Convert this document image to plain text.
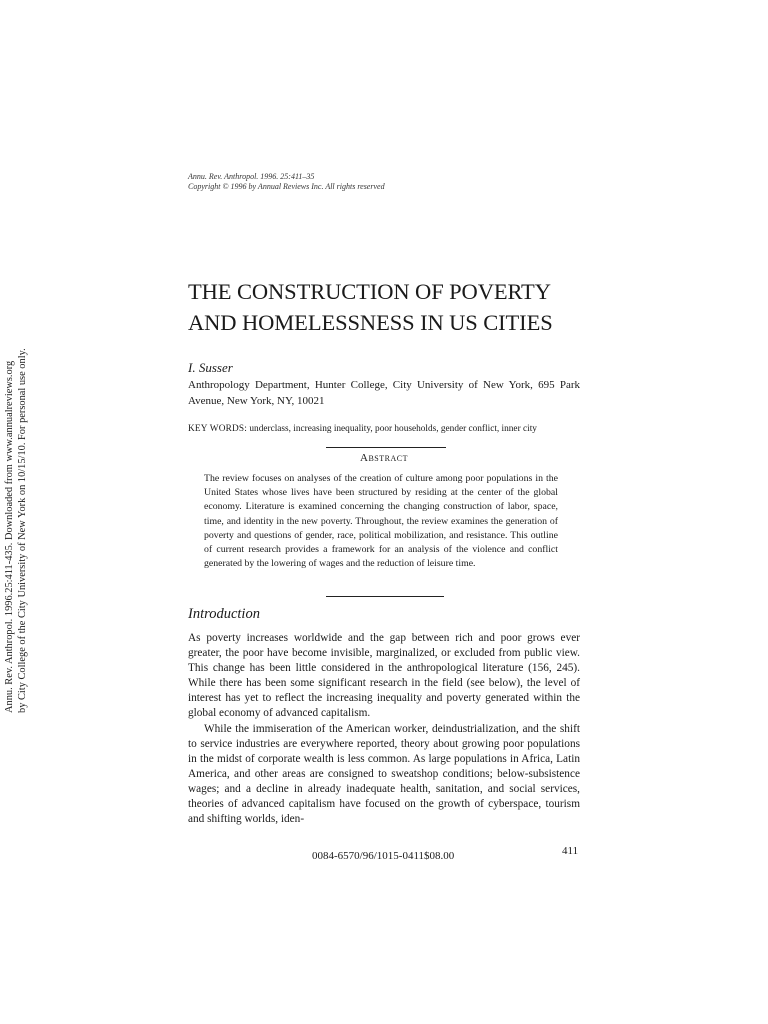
Annu. Rev. Anthropol. 1996.25:411-435. Downloaded from www.annualreviews.org by City College of the City University of New York on 10/15/10. For personal use only.
Annu. Rev. Anthropol. 1996. 25:411–35
Copyright © 1996 by Annual Reviews Inc. All rights reserved
THE CONSTRUCTION OF POVERTY
AND HOMELESSNESS IN US CITIES
I. Susser
Anthropology Department, Hunter College, City University of New York, 695 Park Avenue, New York, NY, 10021
KEY WORDS: underclass, increasing inequality, poor households, gender conflict, inner city
Abstract

The review focuses on analyses of the creation of culture among poor populations in the United States whose lives have been structured by residing at the center of the global economy. Literature is examined concerning the changing construction of labor, space, time, and identity in the new poverty. Throughout, the review examines the generation of poverty and questions of gender, race, political mobilization, and resistance. This outline of current research provides a framework for an analysis of the violence and conflict generated by the lowering of wages and the reduction of leisure time.

Introduction

As poverty increases worldwide and the gap between rich and poor grows ever greater, the poor have become invisible, marginalized, or excluded from public view. This change has been little considered in the anthropological literature (156, 245). While there has been some significant research in the field (see below), the level of interest has yet to reflect the increasing inequality and poverty generated within the global economy of advanced capitalism.

While the immiseration of the American worker, deindustrialization, and the shift to service industries are everywhere reported, theory about growing poor populations in the midst of corporate wealth is less common. As large populations in Africa, Latin America, and other areas are consigned to sweatshop conditions; below-subsistence wages; and a decline in already inadequate health, sanitation, and social services, theories of advanced capitalism have focused on the growth of cyberspace, tourism and shifting worlds, iden-

0084-6570/96/1015-0411$08.00	411
